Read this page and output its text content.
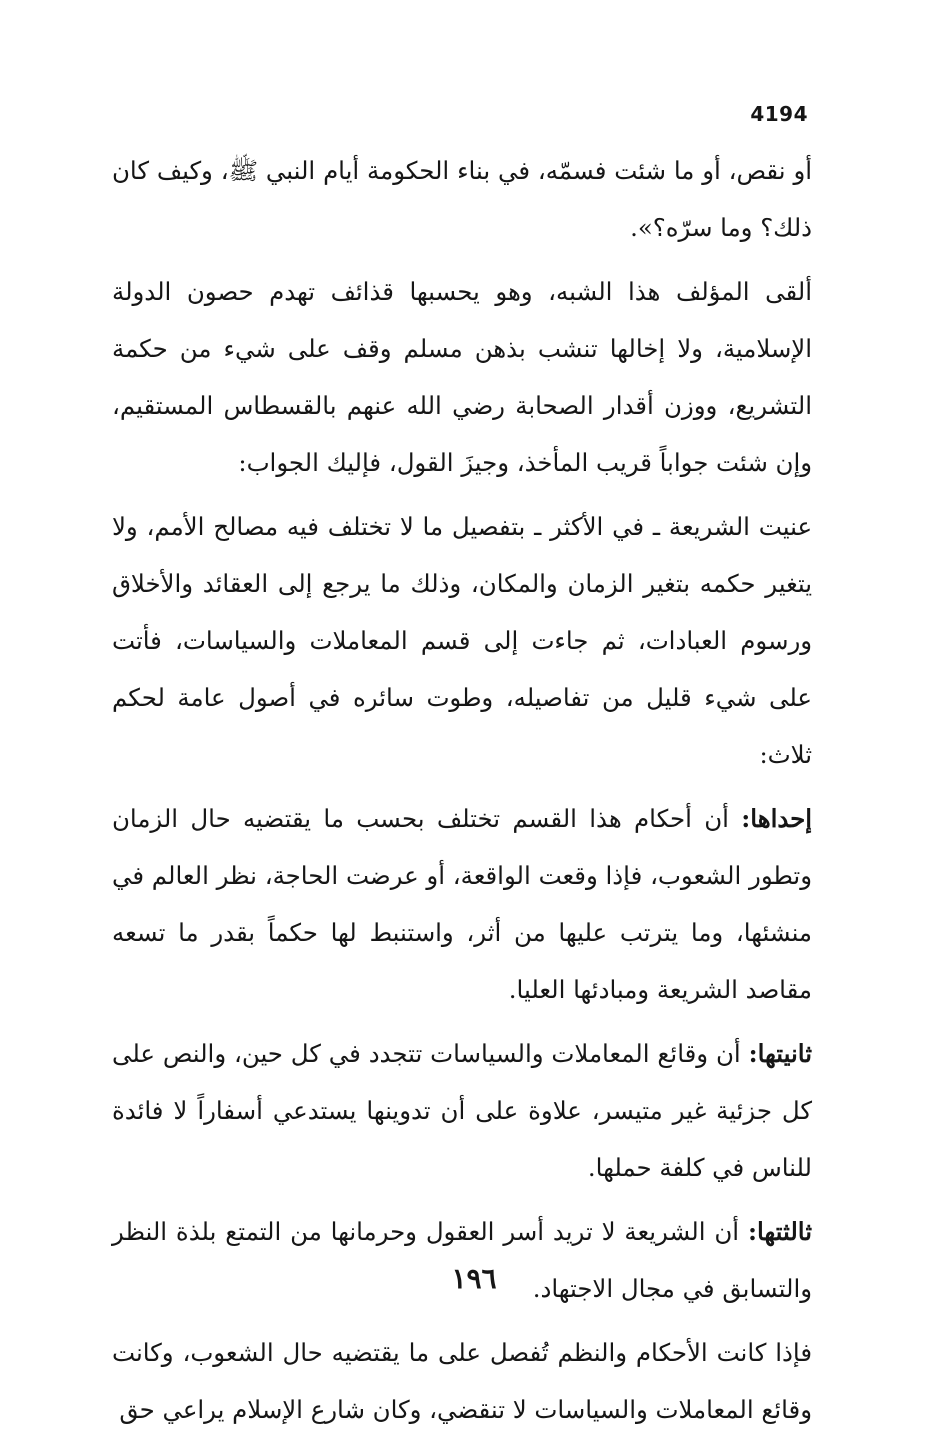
4194

أو نقص، أو ما شئت فسمّه، في بناء الحكومة أيام النبي ﷺ، وكيف كان ذلك؟ وما سرّه؟».

ألقى المؤلف هذا الشبه، وهو يحسبها قذائف تهدم حصون الدولة الإسلامية، ولا إخالها تنشب بذهن مسلم وقف على شيء من حكمة التشريع، ووزن أقدار الصحابة رضي الله عنهم بالقسطاس المستقيم، وإن شئت جواباً قريب المأخذ، وجيزَ القول، فإليك الجواب:

عنيت الشريعة ـ في الأكثر ـ بتفصيل ما لا تختلف فيه مصالح الأمم، ولا يتغير حكمه بتغير الزمان والمكان، وذلك ما يرجع إلى العقائد والأخلاق ورسوم العبادات، ثم جاءت إلى قسم المعاملات والسياسات، فأتت على شيء قليل من تفاصيله، وطوت سائره في أصول عامة لحكم ثلاث:

إحداها: أن أحكام هذا القسم تختلف بحسب ما يقتضيه حال الزمان وتطور الشعوب، فإذا وقعت الواقعة، أو عرضت الحاجة، نظر العالم في منشئها، وما يترتب عليها من أثر، واستنبط لها حكماً بقدر ما تسعه مقاصد الشريعة ومبادئها العليا.

ثانيتها: أن وقائع المعاملات والسياسات تتجدد في كل حين، والنص على كل جزئية غير متيسر، علاوة على أن تدوينها يستدعي أسفاراً لا فائدة للناس في كلفة حملها.

ثالثتها: أن الشريعة لا تريد أسر العقول وحرمانها من التمتع بلذة النظر والتسابق في مجال الاجتهاد.

فإذا كانت الأحكام والنظم تُفصل على ما يقتضيه حال الشعوب، وكانت وقائع المعاملات والسياسات لا تنقضي، وكان شارع الإسلام يراعي حق

١٩٦
